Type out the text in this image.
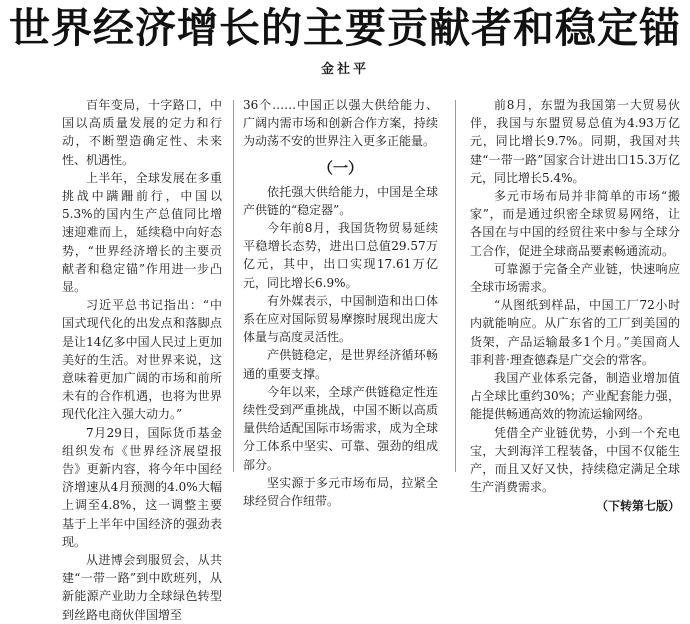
世界经济增长的主要贡献者和稳定锚
金社平

百年变局，十字路口，中国以高质量发展的定力和行动，不断塑造确定性、未来性、机遇性。

上半年，全球发展在多重挑战中蹒跚前行，中国以5.3%的国内生产总值同比增速迎难而上，延续稳中向好态势，“世界经济增长的主要贡献者和稳定锚”作用进一步凸显。

习近平总书记指出：“中国式现代化的出发点和落脚点是让14亿多中国人民过上更加美好的生活。对世界来说，这意味着更加广阔的市场和前所未有的合作机遇，也将为世界现代化注入强大动力。”

7月29日，国际货币基金组织发布《世界经济展望报告》更新内容，将今年中国经济增速从4月预测的4.0%大幅上调至4.8%，这一调整主要基于上半年中国经济的强劲表现。

从进博会到服贸会，从共建“一带一路”到中欧班列，从新能源产业助力全球绿色转型到丝路电商伙伴国增至

36个……中国正以强大供给能力、广阔内需市场和创新合作方案，持续为动荡不安的世界注入更多正能量。

（一）

依托强大供给能力，中国是全球产供链的“稳定器”。

今年前8月，我国货物贸易延续平稳增长态势，进出口总值29.57万亿元，其中，出口实现17.61万亿元，同比增长6.9%。

有外媒表示，中国制造和出口体系在应对国际贸易摩擦时展现出庞大体量与高度灵活性。

产供链稳定，是世界经济循环畅通的重要支撑。

今年以来，全球产供链稳定性连续性受到严重挑战，中国不断以高质量供给适配国际市场需求，成为全球分工体系中坚实、可靠、强劲的组成部分。

坚实源于多元市场布局，拉紧全球经贸合作纽带。

前8月，东盟为我国第一大贸易伙伴，我国与东盟贸易总值为4.93万亿元，同比增长9.7%。同期，我国对共建“一带一路”国家合计进出口15.3万亿元，同比增长5.4%。

多元市场布局并非简单的市场“搬家”，而是通过织密全球贸易网络，让各国在与中国的经贸往来中参与全球分工合作，促进全球商品要素畅通流动。

可靠源于完备全产业链，快速响应全球市场需求。

“从图纸到样品，中国工厂72小时内就能响应。从广东省的工厂到美国的货架，产品运输最多1个月。”美国商人菲利普·理查德森是广交会的常客。

我国产业体系完备，制造业增加值占全球比重约30%；产业配套能力强，能提供畅通高效的物流运输网络。

凭借全产业链优势，小到一个充电宝，大到海洋工程装备，中国不仅能生产，而且又好又快，持续稳定满足全球生产消费需求。

（下转第七版）
